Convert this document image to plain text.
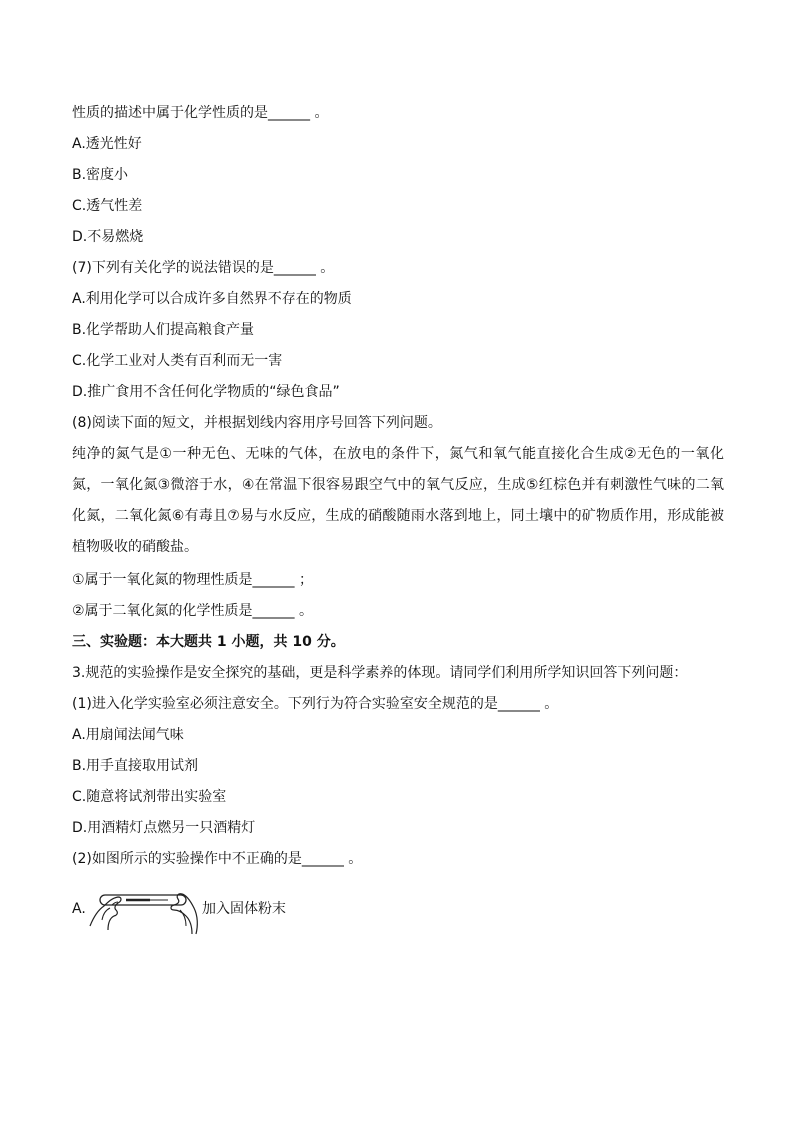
性质的描述中属于化学性质的是______ 。
A.透光性好
B.密度小
C.透气性差
D.不易燃烧
(7)下列有关化学的说法错误的是______ 。
A.利用化学可以合成许多自然界不存在的物质
B.化学帮助人们提高粮食产量
C.化学工业对人类有百利而无一害
D.推广食用不含任何化学物质的“绿色食品”
(8)阅读下面的短文，并根据划线内容用序号回答下列问题。
纯净的氮气是①一种无色、无味的气体，在放电的条件下，氮气和氧气能直接化合生成②无色的一氧化氮，一氧化氮③微溶于水，④在常温下很容易跟空气中的氧气反应，生成⑤红棕色并有刺激性气味的二氧化氮，二氧化氮⑥有毒且⑦易与水反应，生成的硝酸随雨水落到地上，同土壤中的矿物质作用，形成能被植物吸收的硝酸盐。
①属于一氧化氮的物理性质是______ ；
②属于二氧化氮的化学性质是______ 。
三、实验题：本大题共 1 小题，共 10 分。
3.规范的实验操作是安全探究的基础，更是科学素养的体现。请同学们利用所学知识回答下列问题：
(1)进入化学实验室必须注意安全。下列行为符合实验室安全规范的是______ 。
A.用扇闻法闻气味
B.用手直接取用试剂
C.随意将试剂带出实验室
D.用酒精灯点燃另一只酒精灯
(2)如图所示的实验操作中不正确的是______ 。
A.	加入固体粉末
